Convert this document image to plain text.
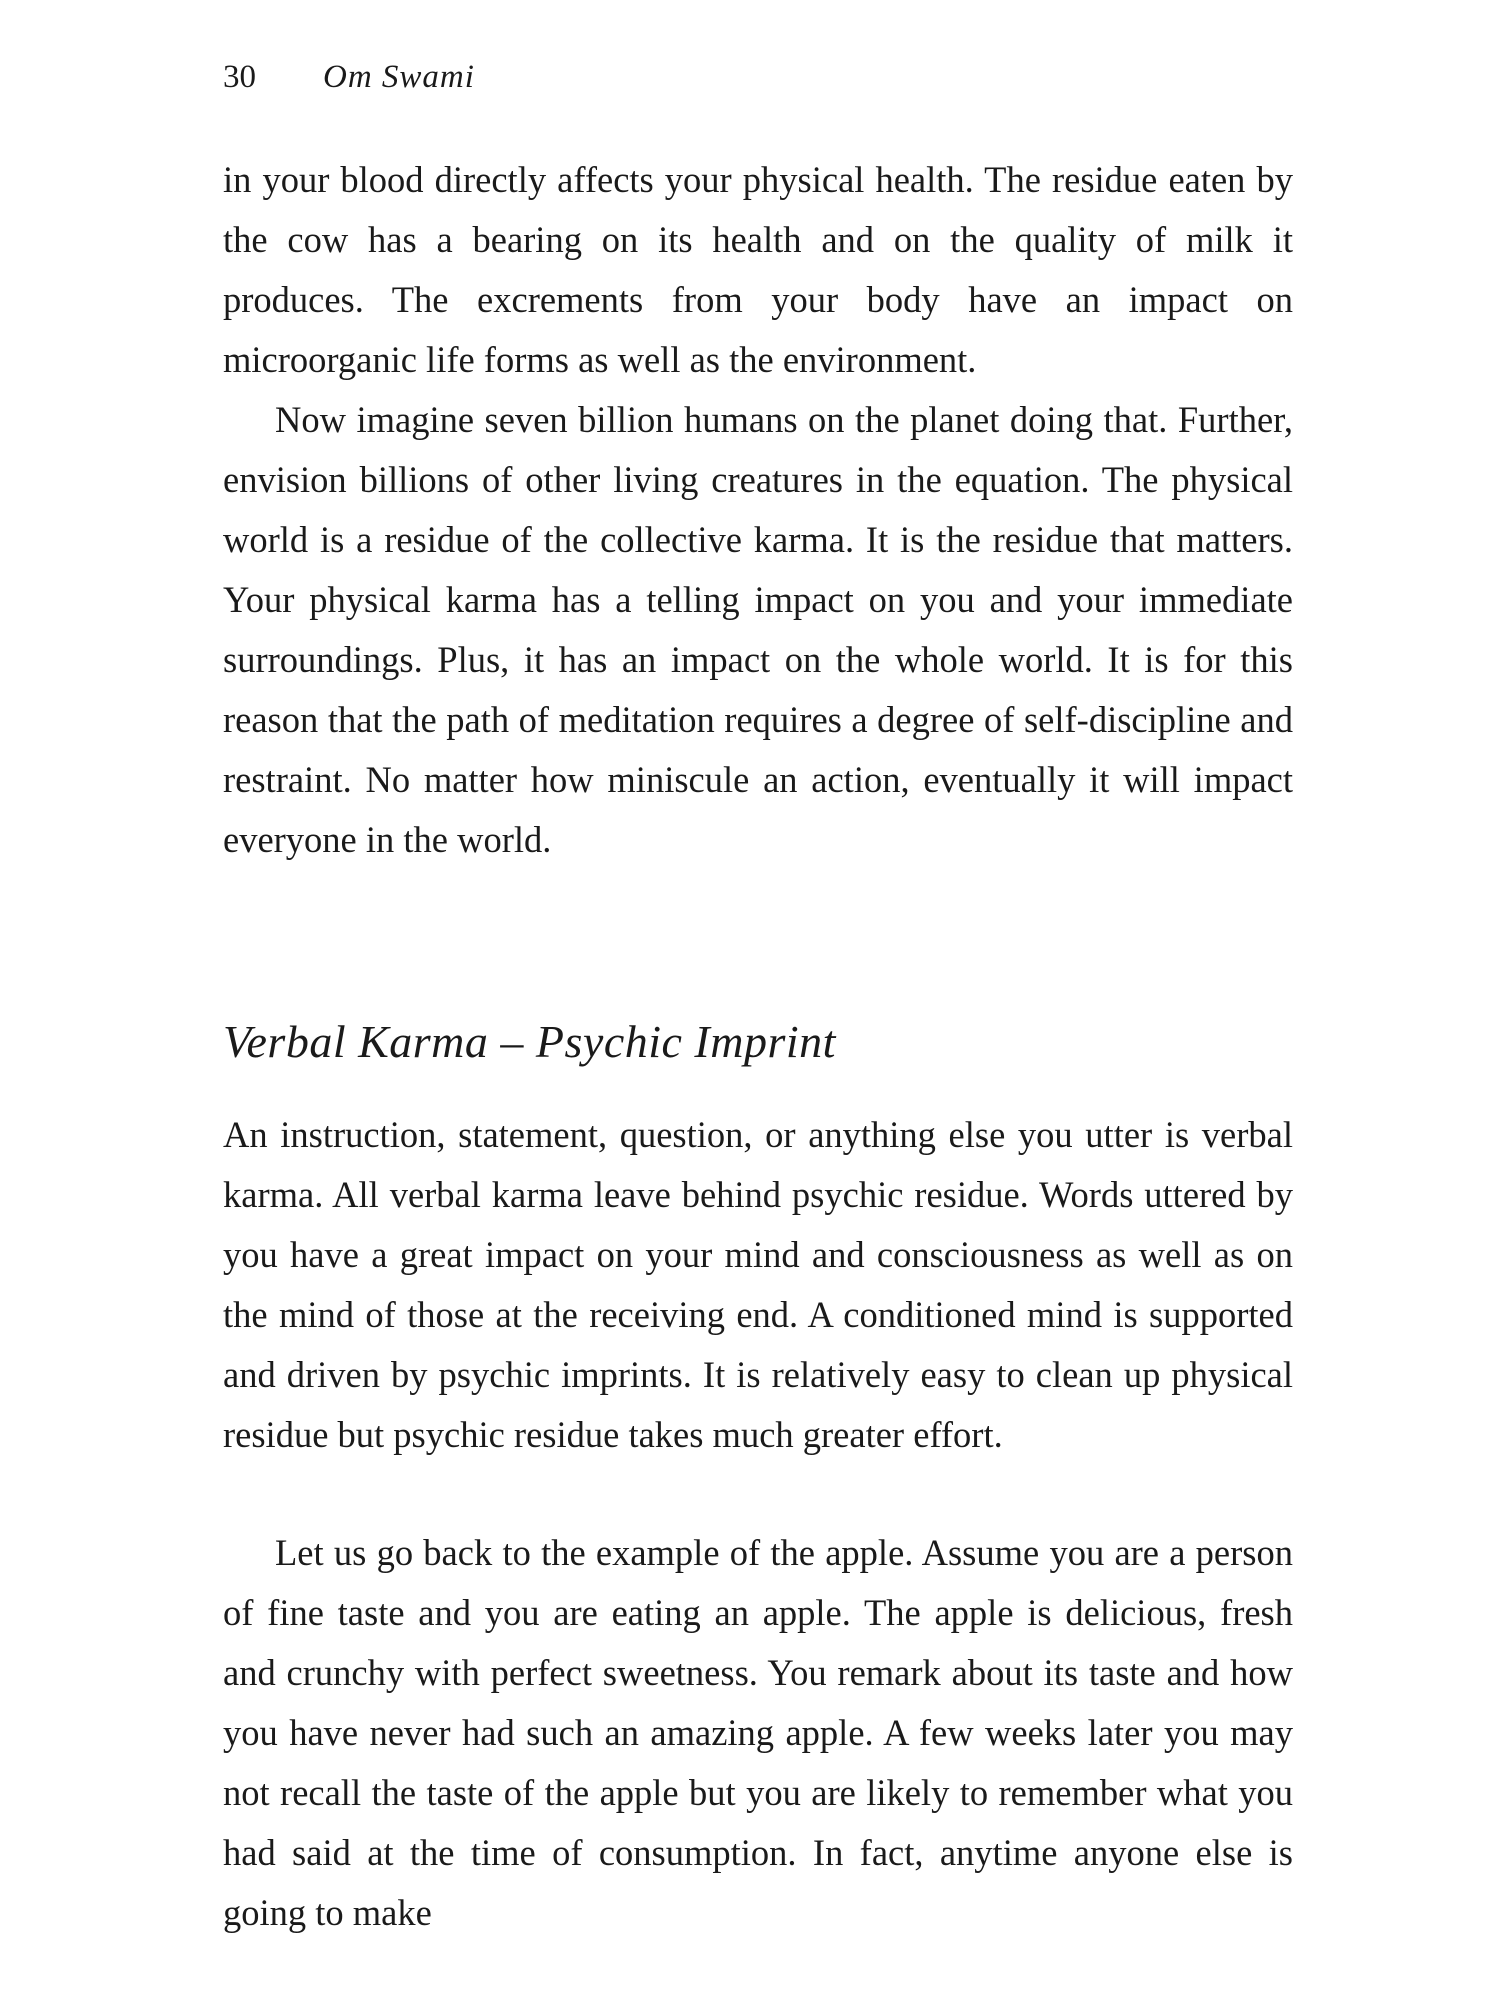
30 Om Swami

in your blood directly affects your physical health. The residue eaten by the cow has a bearing on its health and on the quality of milk it produces. The excrements from your body have an impact on microorganic life forms as well as the environment.

Now imagine seven billion humans on the planet doing that. Further, envision billions of other living creatures in the equation. The physical world is a residue of the collective karma. It is the residue that matters. Your physical karma has a telling impact on you and your immediate surroundings. Plus, it has an impact on the whole world. It is for this reason that the path of meditation requires a degree of self-discipline and restraint. No matter how miniscule an action, eventually it will impact everyone in the world.

Verbal Karma – Psychic Imprint

An instruction, statement, question, or anything else you utter is verbal karma. All verbal karma leave behind psychic residue. Words uttered by you have a great impact on your mind and consciousness as well as on the mind of those at the receiving end. A conditioned mind is supported and driven by psychic imprints. It is relatively easy to clean up physical residue but psychic residue takes much greater effort.

Let us go back to the example of the apple. Assume you are a person of fine taste and you are eating an apple. The apple is delicious, fresh and crunchy with perfect sweetness. You remark about its taste and how you have never had such an amazing apple. A few weeks later you may not recall the taste of the apple but you are likely to remember what you had said at the time of consumption. In fact, anytime anyone else is going to make
